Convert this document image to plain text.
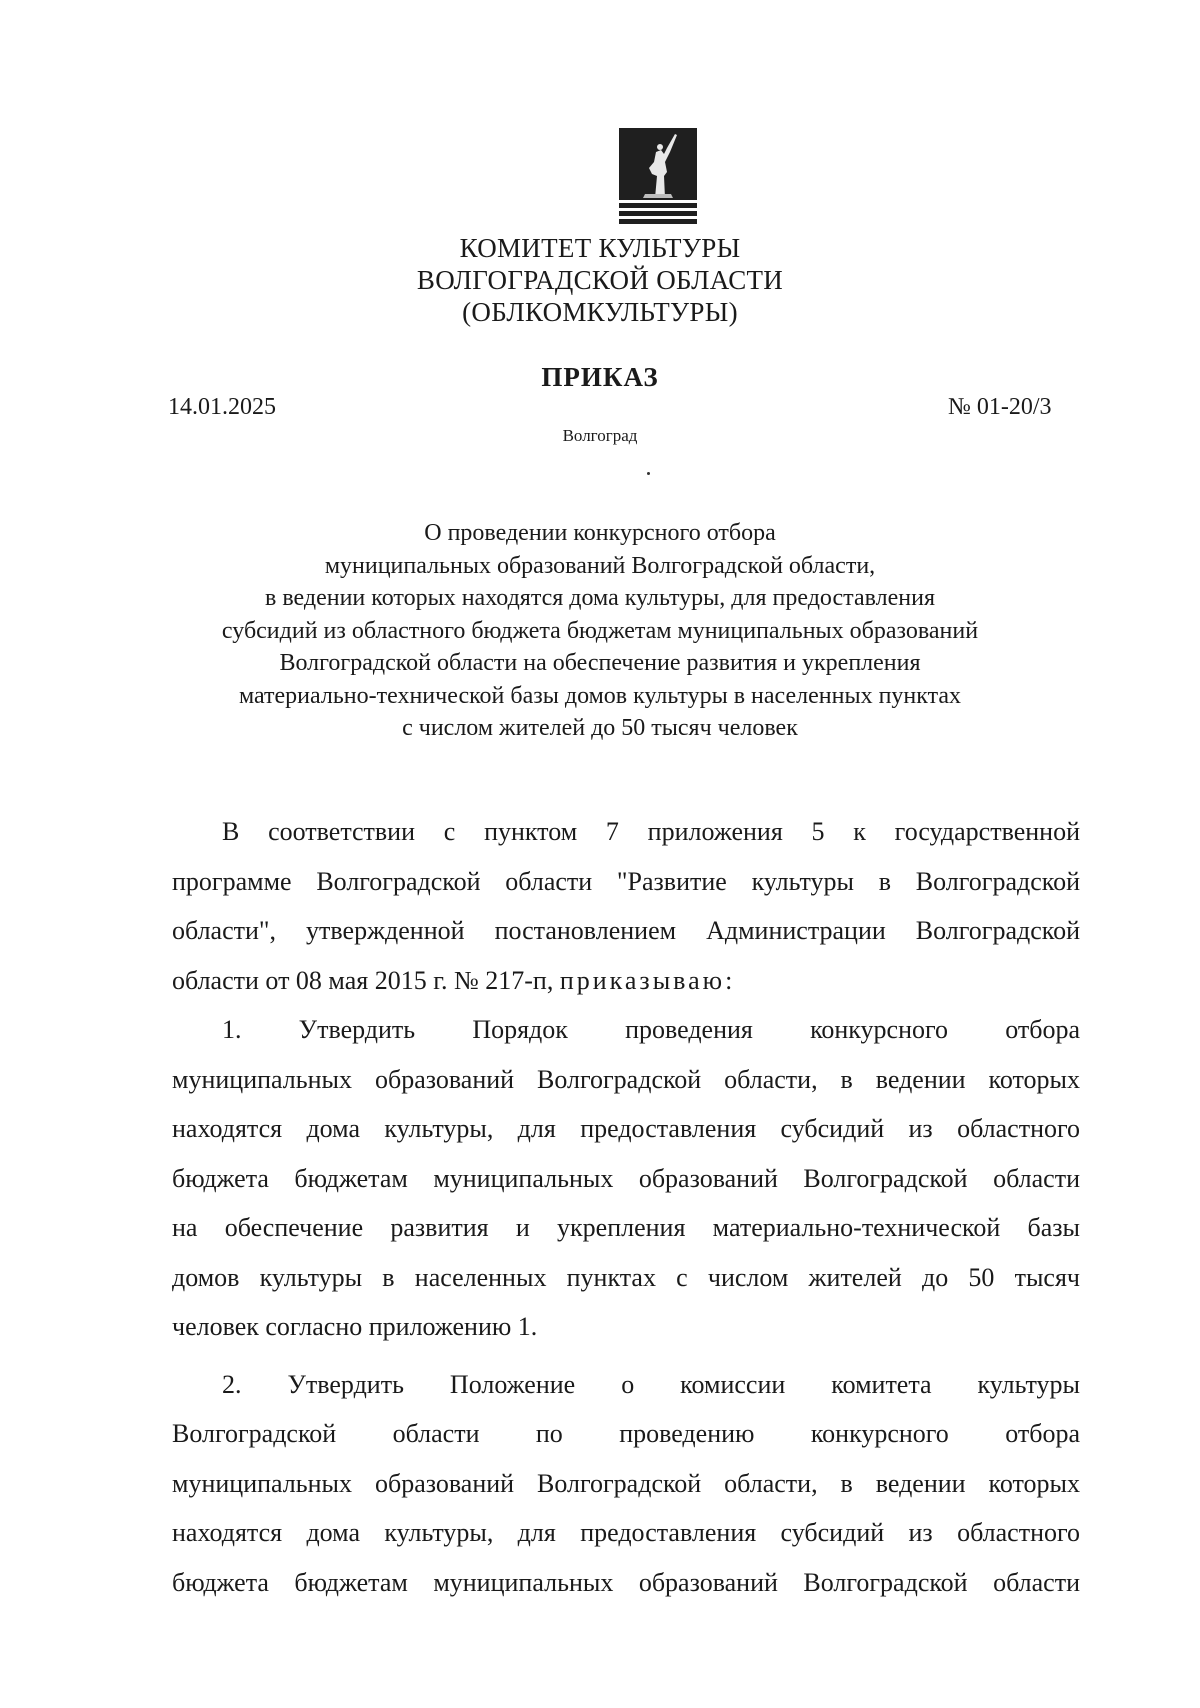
КОМИТЕТ КУЛЬТУРЫ
ВОЛГОГРАДСКОЙ ОБЛАСТИ
(ОБЛКОМКУЛЬТУРЫ)
ПРИКАЗ
14.01.2025	№ 01-20/3
Волгоград
О проведении конкурсного отбора
муниципальных образований Волгоградской области,
в ведении которых находятся дома культуры, для предоставления
субсидий из областного бюджета бюджетам муниципальных образований
Волгоградской области на обеспечение развития и укрепления
материально-технической базы домов культуры в населенных пунктах
с числом жителей до 50 тысяч человек
В соответствии с пунктом 7 приложения 5 к государственной
программе Волгоградской области "Развитие культуры в Волгоградской
области", утвержденной постановлением Администрации Волгоградской
области от 08 мая 2015 г. № 217-п, приказываю:
1. Утвердить Порядок проведения конкурсного отбора
муниципальных образований Волгоградской области, в ведении которых
находятся дома культуры, для предоставления субсидий из областного
бюджета бюджетам муниципальных образований Волгоградской области
на обеспечение развития и укрепления материально-технической базы
домов культуры в населенных пунктах с числом жителей до 50 тысяч
человек согласно приложению 1.
2. Утвердить Положение о комиссии комитета культуры
Волгоградской области по проведению конкурсного отбора
муниципальных образований Волгоградской области, в ведении которых
находятся дома культуры, для предоставления субсидий из областного
бюджета бюджетам муниципальных образований Волгоградской области
